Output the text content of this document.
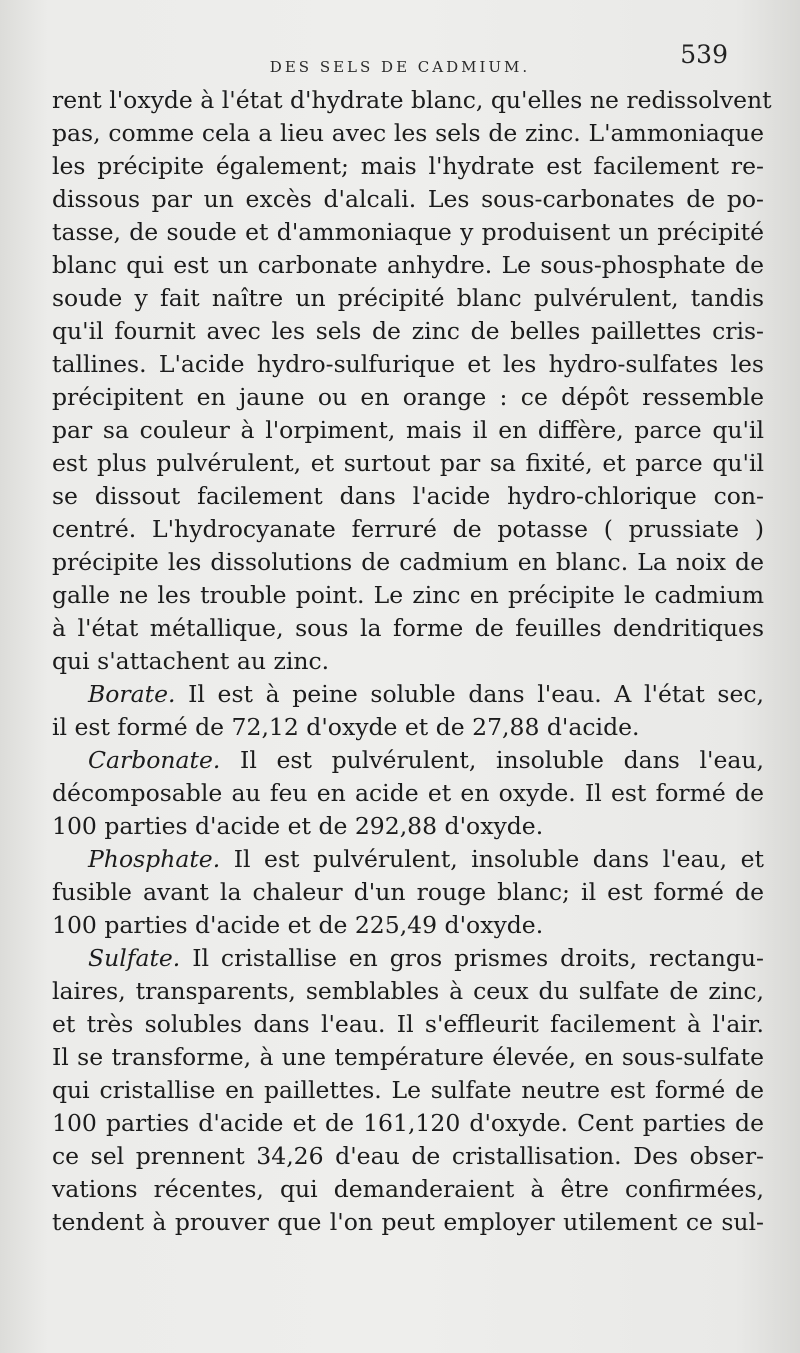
DES SELS DE CADMIUM.	539
rent l'oxyde à l'état d'hydrate blanc, qu'elles ne redissolvent
pas, comme cela a lieu avec les sels de zinc. L'ammoniaque
les précipite également; mais l'hydrate est facilement re-
dissous par un excès d'alcali. Les sous-carbonates de po-
tasse, de soude et d'ammoniaque y produisent un précipité
blanc qui est un carbonate anhydre. Le sous-phosphate de
soude y fait naître un précipité blanc pulvérulent, tandis
qu'il fournit avec les sels de zinc de belles paillettes cris-
tallines. L'acide hydro-sulfurique et les hydro-sulfates les
précipitent en jaune ou en orange : ce dépôt ressemble
par sa couleur à l'orpiment, mais il en diffère, parce qu'il
est plus pulvérulent, et surtout par sa fixité, et parce qu'il
se dissout facilement dans l'acide hydro-chlorique con-
centré. L'hydrocyanate ferruré de potasse ( prussiate )
précipite les dissolutions de cadmium en blanc. La noix de
galle ne les trouble point. Le zinc en précipite le cadmium
à l'état métallique, sous la forme de feuilles dendritiques
qui s'attachent au zinc.
Borate. Il est à peine soluble dans l'eau. A l'état sec,
il est formé de 72,12 d'oxyde et de 27,88 d'acide.
Carbonate. Il est pulvérulent, insoluble dans l'eau,
décomposable au feu en acide et en oxyde. Il est formé de
100 parties d'acide et de 292,88 d'oxyde.
Phosphate. Il est pulvérulent, insoluble dans l'eau, et
fusible avant la chaleur d'un rouge blanc; il est formé de
100 parties d'acide et de 225,49 d'oxyde.
Sulfate. Il cristallise en gros prismes droits, rectangu-
laires, transparents, semblables à ceux du sulfate de zinc,
et très solubles dans l'eau. Il s'effleurit facilement à l'air.
Il se transforme, à une température élevée, en sous-sulfate
qui cristallise en paillettes. Le sulfate neutre est formé de
100 parties d'acide et de 161,120 d'oxyde. Cent parties de
ce sel prennent 34,26 d'eau de cristallisation. Des obser-
vations récentes, qui demanderaient à être confirmées,
tendent à prouver que l'on peut employer utilement ce sul-
